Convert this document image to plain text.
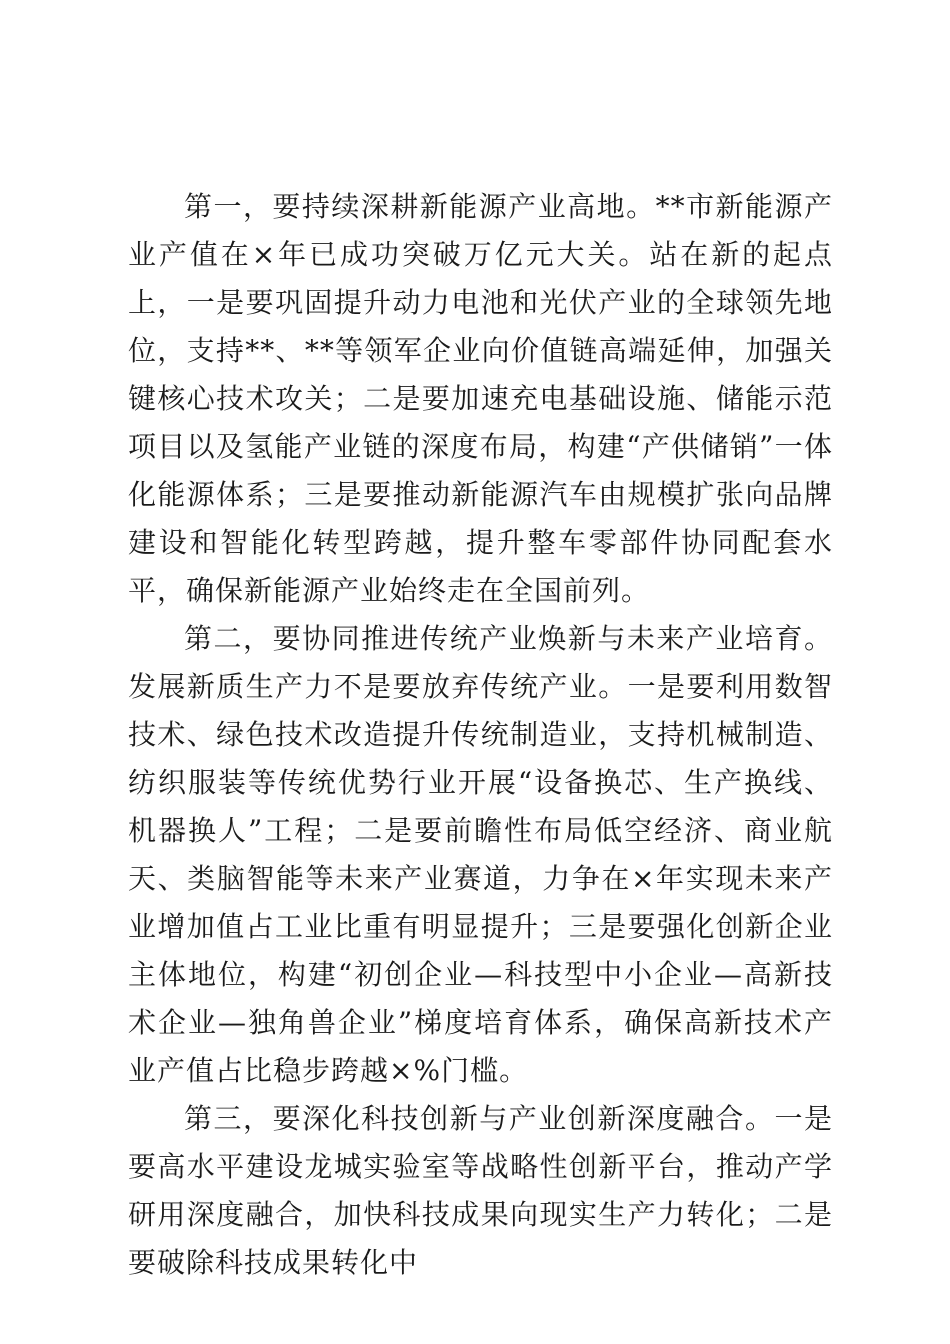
第一，要持续深耕新能源产业高地。**市新能源产业产值在×年已成功突破万亿元大关。站在新的起点上，一是要巩固提升动力电池和光伏产业的全球领先地位，支持**、**等领军企业向价值链高端延伸，加强关键核心技术攻关；二是要加速充电基础设施、储能示范项目以及氢能产业链的深度布局，构建“产供储销”一体化能源体系；三是要推动新能源汽车由规模扩张向品牌建设和智能化转型跨越，提升整车零部件协同配套水平，确保新能源产业始终走在全国前列。

第二，要协同推进传统产业焕新与未来产业培育。发展新质生产力不是要放弃传统产业。一是要利用数智技术、绿色技术改造提升传统制造业，支持机械制造、纺织服装等传统优势行业开展“设备换芯、生产换线、机器换人”工程；二是要前瞻性布局低空经济、商业航天、类脑智能等未来产业赛道，力争在×年实现未来产业增加值占工业比重有明显提升；三是要强化创新企业主体地位，构建“初创企业—科技型中小企业—高新技术企业—独角兽企业”梯度培育体系，确保高新技术产业产值占比稳步跨越×%门槛。

第三，要深化科技创新与产业创新深度融合。一是要高水平建设龙城实验室等战略性创新平台，推动产学研用深度融合，加快科技成果向现实生产力转化；二是要破除科技成果转化中
